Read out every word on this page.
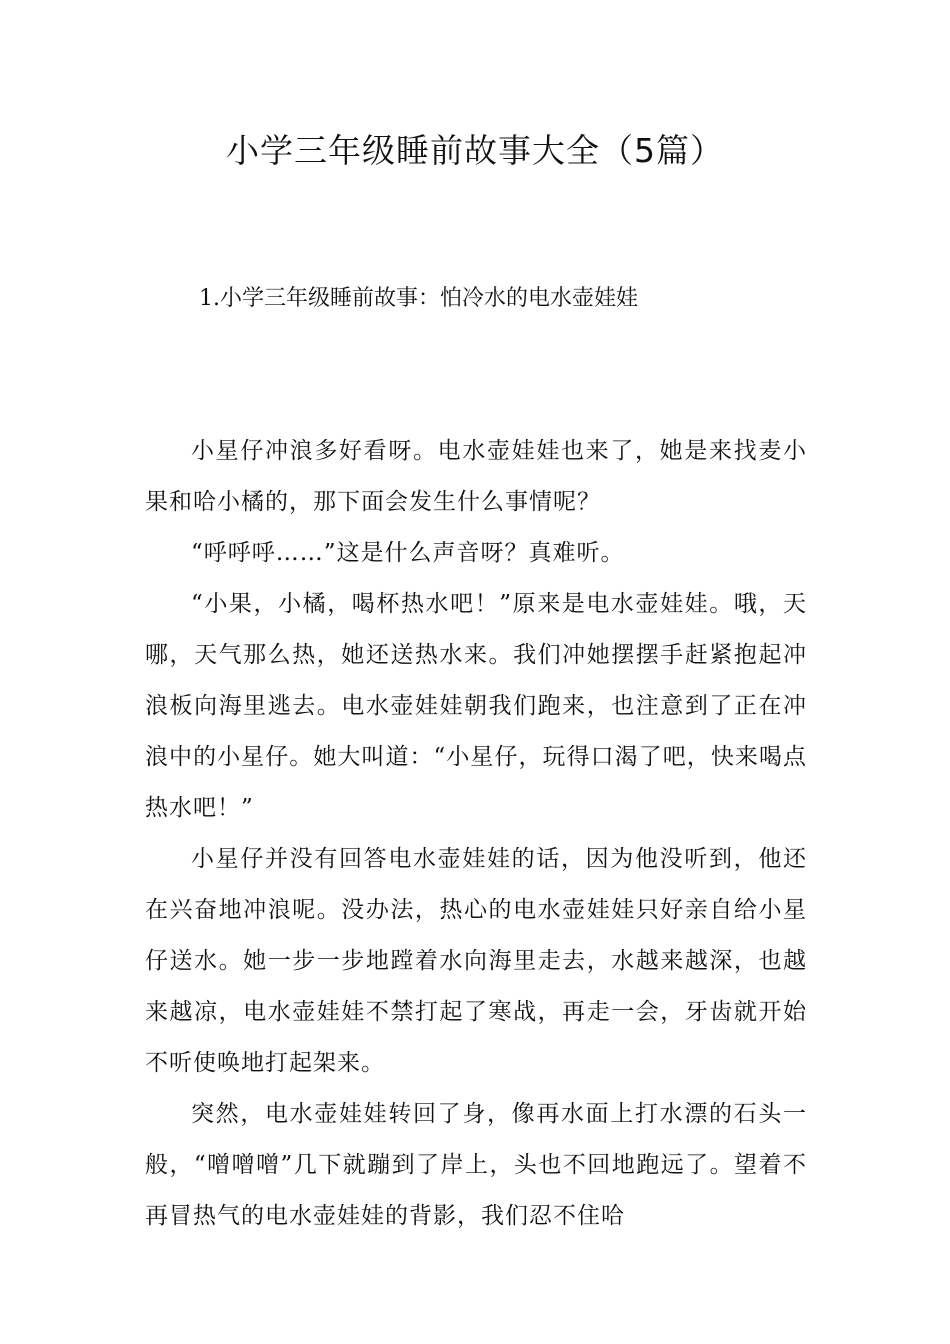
小学三年级睡前故事大全（5篇）
1.小学三年级睡前故事：怕冷水的电水壶娃娃

小星仔冲浪多好看呀。电水壶娃娃也来了，她是来找麦小果和哈小橘的，那下面会发生什么事情呢？

“呼呼呼……”这是什么声音呀？真难听。

“小果，小橘，喝杯热水吧！”原来是电水壶娃娃。哦，天哪，天气那么热，她还送热水来。我们冲她摆摆手赶紧抱起冲浪板向海里逃去。电水壶娃娃朝我们跑来，也注意到了正在冲浪中的小星仔。她大叫道：“小星仔，玩得口渴了吧，快来喝点热水吧！”

小星仔并没有回答电水壶娃娃的话，因为他没听到，他还在兴奋地冲浪呢。没办法，热心的电水壶娃娃只好亲自给小星仔送水。她一步一步地蹚着水向海里走去，水越来越深，也越来越凉，电水壶娃娃不禁打起了寒战，再走一会，牙齿就开始不听使唤地打起架来。

突然，电水壶娃娃转回了身，像再水面上打水漂的石头一般，“噌噌噌”几下就蹦到了岸上，头也不回地跑远了。望着不再冒热气的电水壶娃娃的背影，我们忍不住哈
